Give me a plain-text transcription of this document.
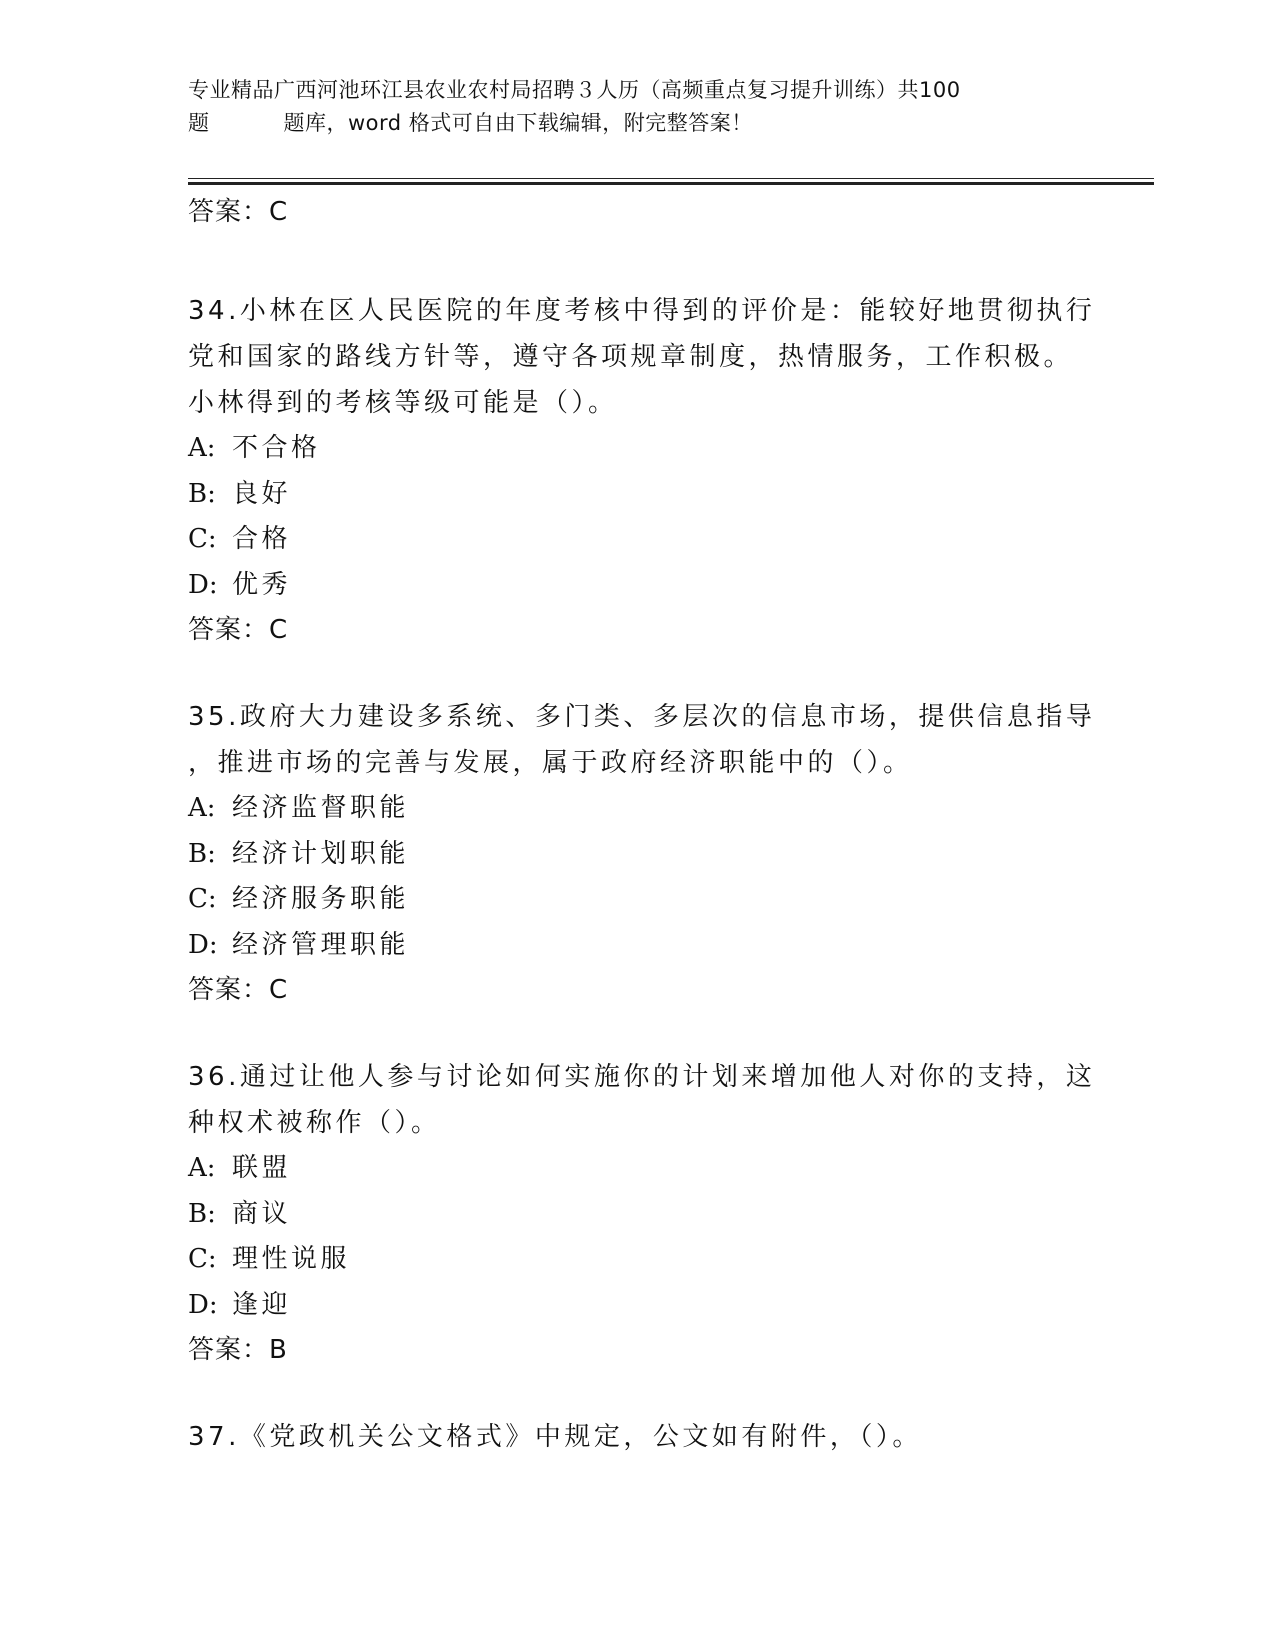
专业精品广西河池环江县农业农村局招聘３人历（高频重点复习提升训练）共100
题	题库，word 格式可自由下载编辑，附完整答案！
答案：C
34.小林在区人民医院的年度考核中得到的评价是：能较好地贯彻执行
党和国家的路线方针等，遵守各项规章制度，热情服务，工作积极。
小林得到的考核等级可能是（）。
A: 不合格
B: 良好
C: 合格
D: 优秀
答案：C
35.政府大力建设多系统、多门类、多层次的信息市场，提供信息指导
，推进市场的完善与发展，属于政府经济职能中的（）。
A: 经济监督职能
B: 经济计划职能
C: 经济服务职能
D: 经济管理职能
答案：C
36.通过让他人参与讨论如何实施你的计划来增加他人对你的支持，这
种权术被称作（）。
A: 联盟
B: 商议
C: 理性说服
D: 逢迎
答案：B
37.《党政机关公文格式》中规定，公文如有附件，（）。
